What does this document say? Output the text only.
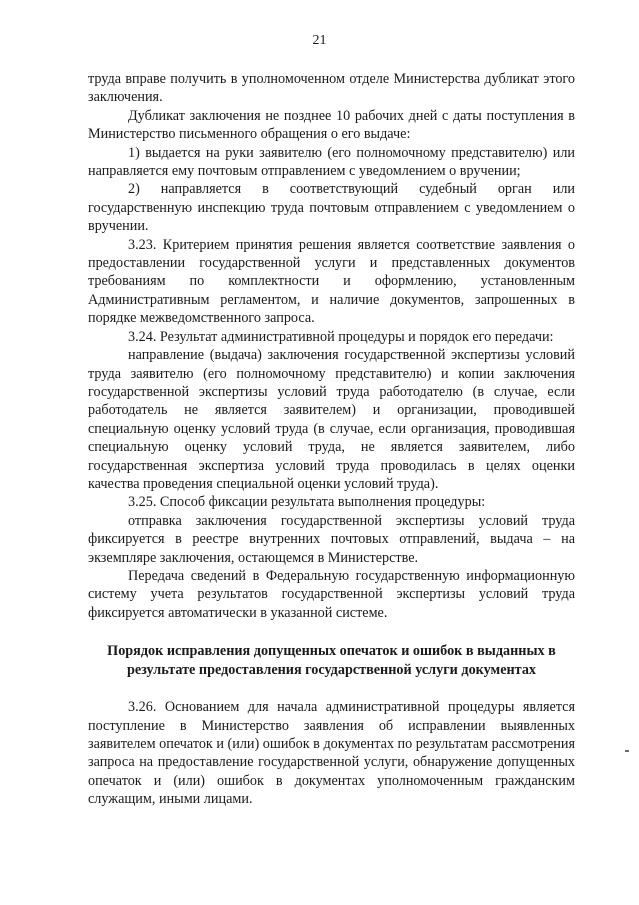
21

труда вправе получить в уполномоченном отделе Министерства дубликат этого заключения.

Дубликат заключения не позднее 10 рабочих дней с даты поступления в Министерство письменного обращения о его выдаче:

1) выдается на руки заявителю (его полномочному представителю) или направляется ему почтовым отправлением с уведомлением о вручении;

2) направляется в соответствующий судебный орган или государственную инспекцию труда почтовым отправлением с уведомлением о вручении.

3.23. Критерием принятия решения является соответствие заявления о предоставлении государственной услуги и представленных документов требованиям по комплектности и оформлению, установленным Административным регламентом, и наличие документов, запрошенных в порядке межведомственного запроса.

3.24. Результат административной процедуры и порядок его передачи:

направление (выдача) заключения государственной экспертизы условий труда заявителю (его полномочному представителю) и копии заключения государственной экспертизы условий труда работодателю (в случае, если работодатель не является заявителем) и организации, проводившей специальную оценку условий труда (в случае, если организация, проводившая специальную оценку условий труда, не является заявителем, либо государственная экспертиза условий труда проводилась в целях оценки качества проведения специальной оценки условий труда).

3.25. Способ фиксации результата выполнения процедуры:

отправка заключения государственной экспертизы условий труда фиксируется в реестре внутренних почтовых отправлений, выдача – на экземпляре заключения, остающемся в Министерстве.

Передача сведений в Федеральную государственную информационную систему учета результатов государственной экспертизы условий труда фиксируется автоматически в указанной системе.

Порядок исправления допущенных опечаток и ошибок в выданных в результате предоставления государственной услуги документах

3.26. Основанием для начала административной процедуры является поступление в Министерство заявления об исправлении выявленных заявителем опечаток и (или) ошибок в документах по результатам рассмотрения запроса на предоставление государственной услуги, обнаружение допущенных опечаток и (или) ошибок в документах уполномоченным гражданским служащим, иными лицами.
